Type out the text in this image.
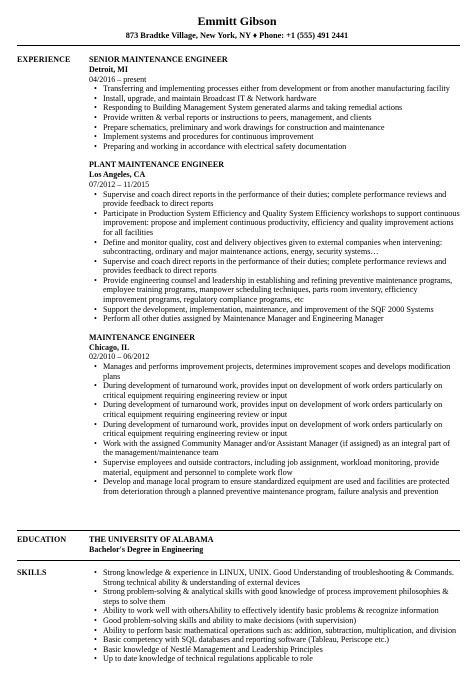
Emmitt Gibson
873 Bradtke Village, New York, NY ♦ Phone: +1 (555) 491 2441
EXPERIENCE SENIOR MAINTENANCE ENGINEER
Detroit, MI
04/2016 – present
• Transferring and implementing processes either from development or from another manufacturing facility
• Install, upgrade, and maintain Broadcast IT & Network hardware
• Responding to Building Management System generated alarms and taking remedial actions
• Provide written & verbal reports or instructions to peers, management, and clients
• Prepare schematics, preliminary and work drawings for construction and maintenance
• Implement systems and procedures for continuous improvement
• Preparing and working in accordance with electrical safety documentation
PLANT MAINTENANCE ENGINEER
Los Angeles, CA
07/2012 – 11/2015
• Supervise and coach direct reports in the performance of their duties; complete performance reviews and provide feedback to direct reports
• Participate in Production System Efficiency and Quality System Efficiency workshops to support continuous improvement: propose and implement continuous productivity, efficiency and quality improvement actions for all facilities
• Define and monitor quality, cost and delivery objectives given to external companies when intervening: subcontracting, ordinary and major maintenance actions, energy, security systems…
• Supervise and coach direct reports in the performance of their duties; complete performance reviews and provides feedback to direct reports
• Provide engineering counsel and leadership in establishing and refining preventive maintenance programs, employee training programs, manpower scheduling techniques, parts room inventory, efficiency improvement programs, regulatory compliance programs, etc
• Support the development, implementation, maintenance, and improvement of the SQF 2000 Systems
• Perform all other duties assigned by Maintenance Manager and Engineering Manager
MAINTENANCE ENGINEER
Chicago, IL
02/2010 – 06/2012
• Manages and performs improvement projects, determines improvement scopes and develops modification plans
• During development of turnaround work, provides input on development of work orders particularly on critical equipment requiring engineering review or input
• During development of turnaround work, provides input on development of work orders particularly on critical equipment requiring engineering review or input
• During development of turnaround work, provides input on development of work orders particularly on critical equipment requiring engineering review or input
• Work with the assigned Community Manager and/or Assistant Manager (if assigned) as an integral part of the management/maintenance team
• Supervise employees and outside contractors, including job assignment, workload monitoring, provide material, equipment and personnel to complete work flow
• Develop and manage local program to ensure standardized equipment are used and facilities are protected from deterioration through a planned preventive maintenance program, failure analysis and prevention
EDUCATION	THE UNIVERSITY OF ALABAMA
Bachelor's Degree in Engineering
SKILLS
•	Strong knowledge & experience in LINUX, UNIX. Good Understanding of troubleshooting & Commands. Strong technical ability & understanding of external devices
• Strong problem-solving & analytical skills with good knowledge of process improvement philosophies & steps to solve them
• Ability to work well with othersAbility to effectively identify basic problems & recognize information
• Good problem-solving skills and ability to make decisions (with supervision)
• Ability to perform basic mathematical operations such as: addition, subtraction, multiplication, and division
• Basic competency with SQL databases and reporting software (Tableau, Periscope etc.)
• Basic knowledge of Nestlé Management and Leadership Principles
• Up to date knowledge of technical regulations applicable to role
